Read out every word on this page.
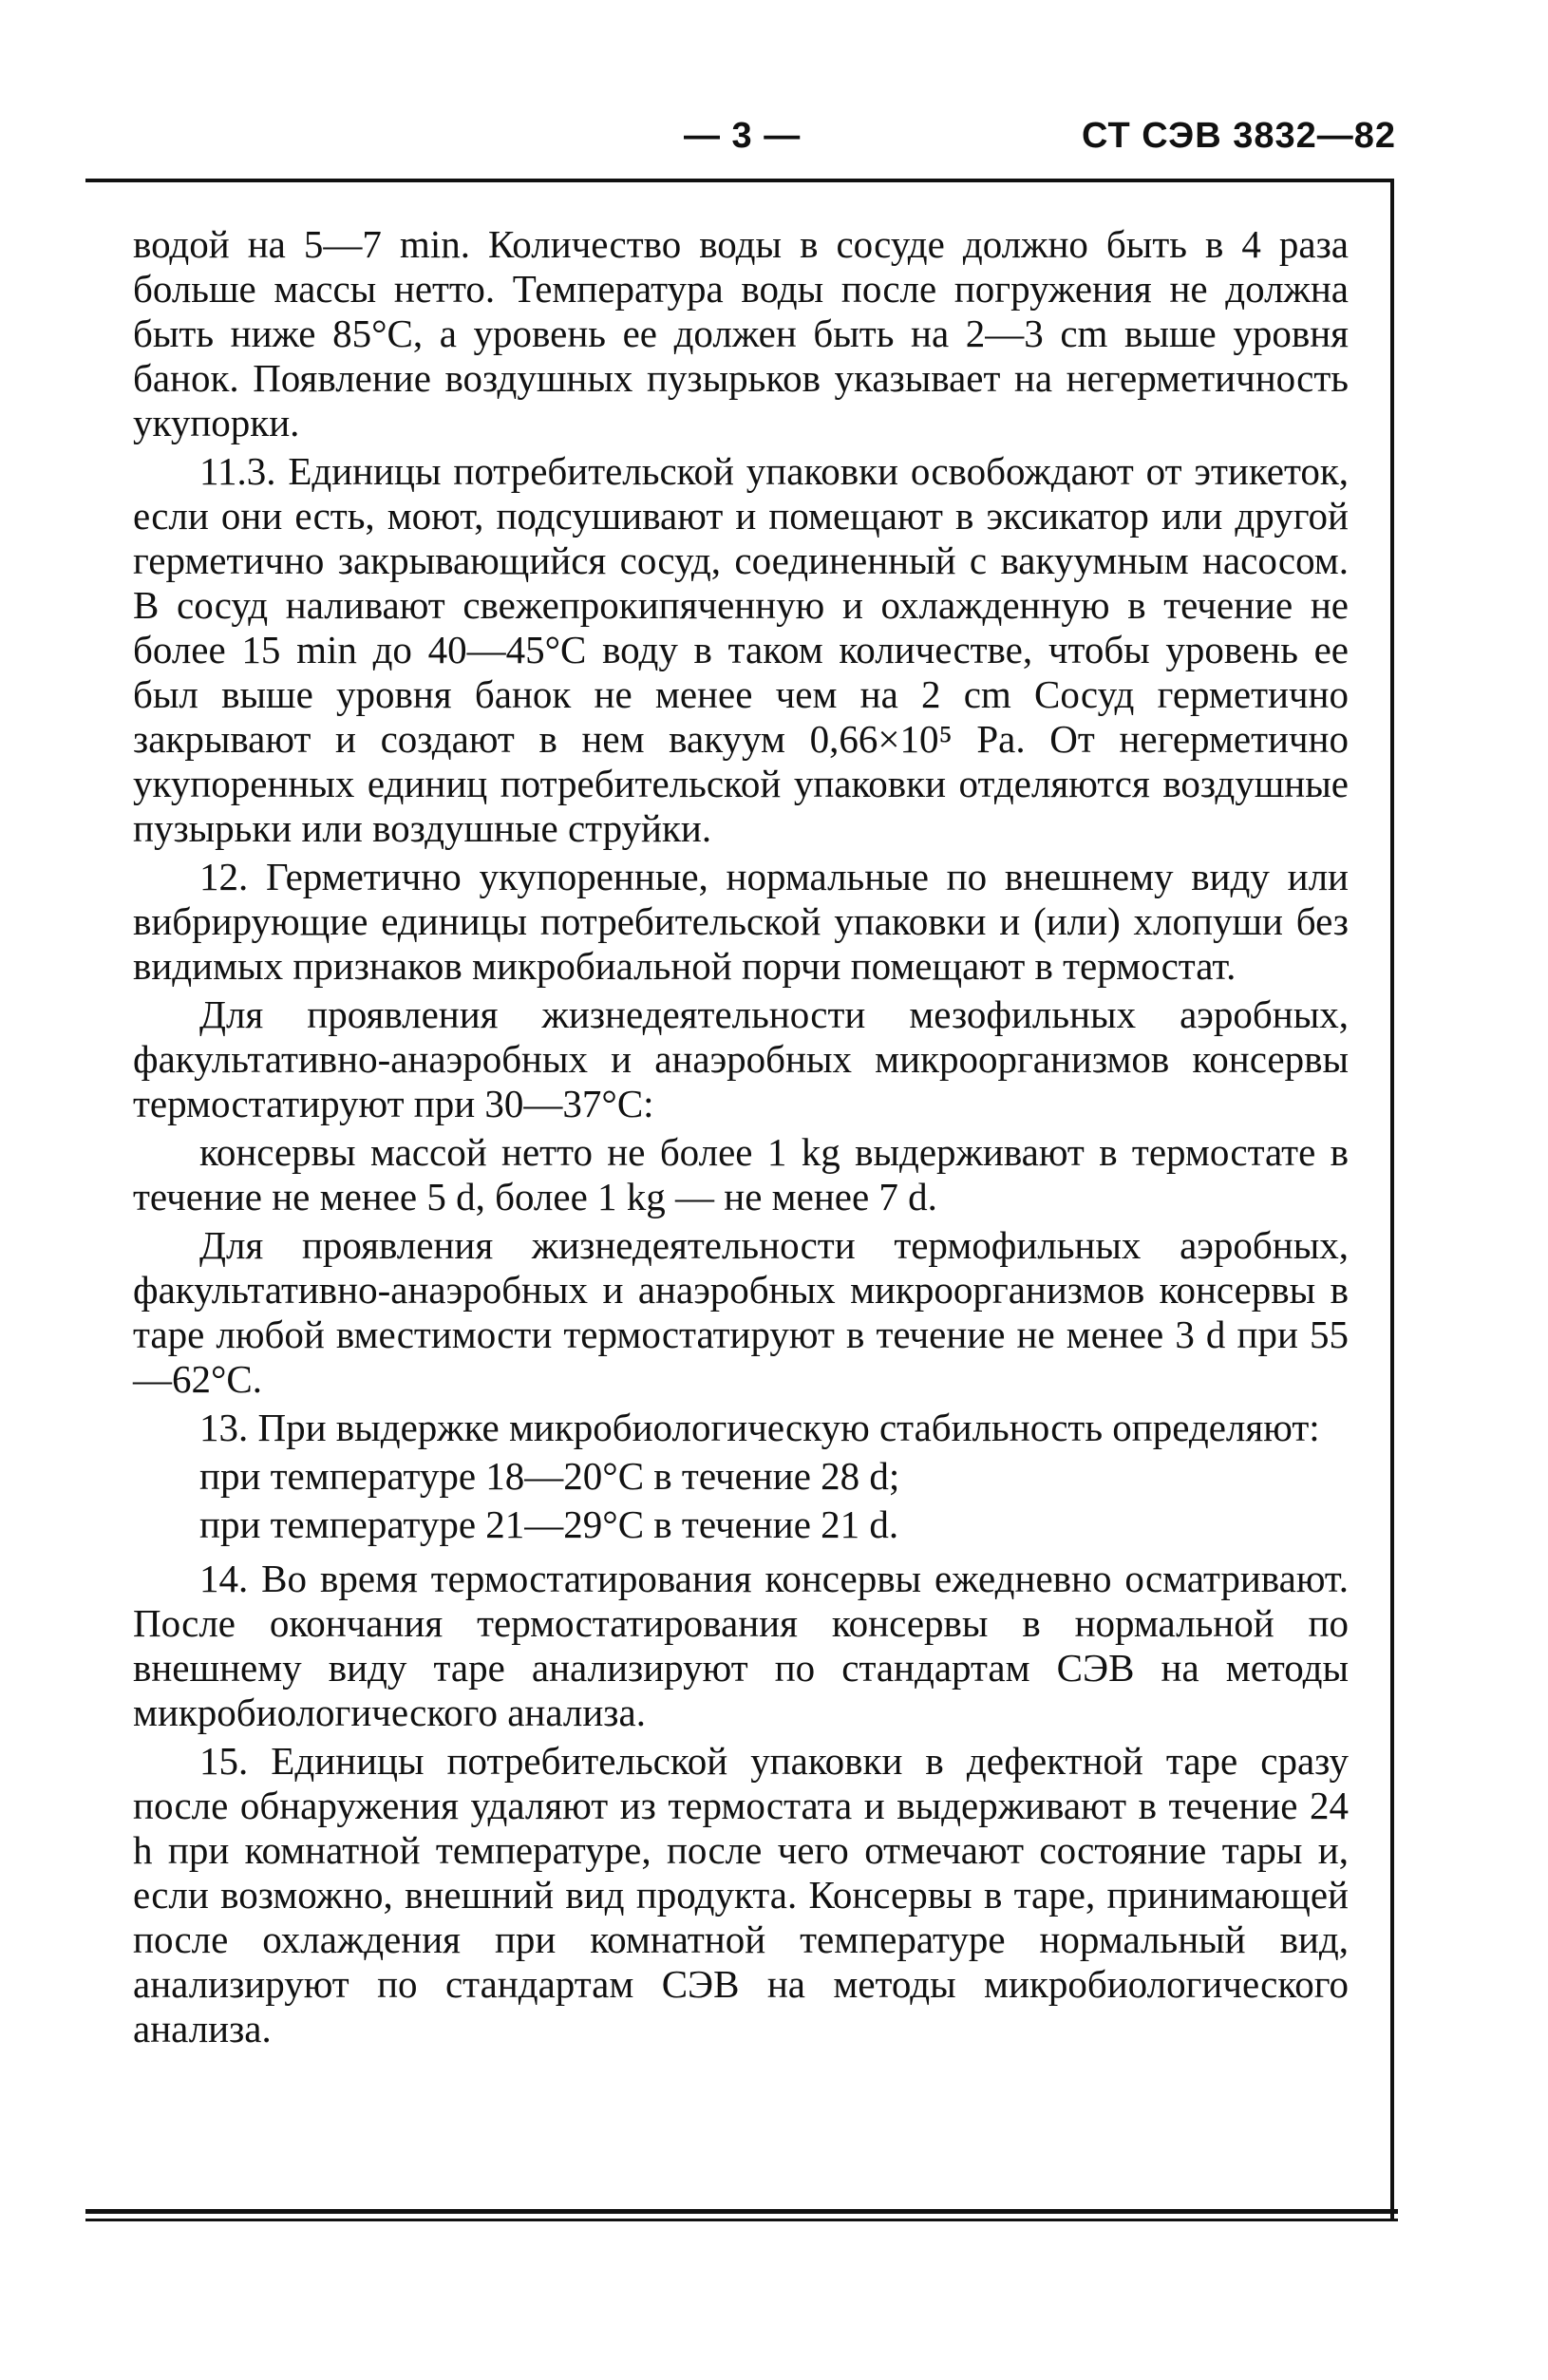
— 3 —	СТ СЭВ 3832—82

водой на 5—7 min. Количество воды в сосуде должно быть в 4 раза больше массы нетто. Температура воды после погружения не должна быть ниже 85°С, а уровень ее должен быть на 2—3 cm выше уровня банок. Появление воздушных пузырьков указывает на негерметичность укупорки.

11.3. Единицы потребительской упаковки освобождают от этикеток, если они есть, моют, подсушивают и помещают в эксикатор или другой герметично закрывающийся сосуд, соединенный с вакуумным насосом. В сосуд наливают свежепрокипяченную и охлажденную в течение не более 15 min до 40—45°С воду в таком количестве, чтобы уровень ее был выше уровня банок не менее чем на 2 cm Сосуд герметично закрывают и создают в нем вакуум 0,66×10⁵ Pa. От негерметично укупоренных единиц потребительской упаковки отделяются воздушные пузырьки или воздушные струйки.

12. Герметично укупоренные, нормальные по внешнему виду или вибрирующие единицы потребительской упаковки и (или) хлопуши без видимых признаков микробиальной порчи помещают в термостат.

Для проявления жизнедеятельности мезофильных аэробных, факультативно-анаэробных и анаэробных микроорганизмов консервы термостатируют при 30—37°С:

консервы массой нетто не более 1 kg выдерживают в термостате в течение не менее 5 d, более 1 kg — не менее 7 d.

Для проявления жизнедеятельности термофильных аэробных, факультативно-анаэробных и анаэробных микроорганизмов консервы в таре любой вместимости термостатируют в течение не менее 3 d при 55—62°С.

13. При выдержке микробиологическую стабильность определяют:

при температуре 18—20°С в течение 28 d;

при температуре 21—29°С в течение 21 d.

14. Во время термостатирования консервы ежедневно осматривают. После окончания термостатирования консервы в нормальной по внешнему виду таре анализируют по стандартам СЭВ на методы микробиологического анализа.

15. Единицы потребительской упаковки в дефектной таре сразу после обнаружения удаляют из термостата и выдерживают в течение 24 h при комнатной температуре, после чего отмечают состояние тары и, если возможно, внешний вид продукта. Консервы в таре, принимающей после охлаждения при комнатной температуре нормальный вид, анализируют по стандартам СЭВ на методы микробиологического анализа.
